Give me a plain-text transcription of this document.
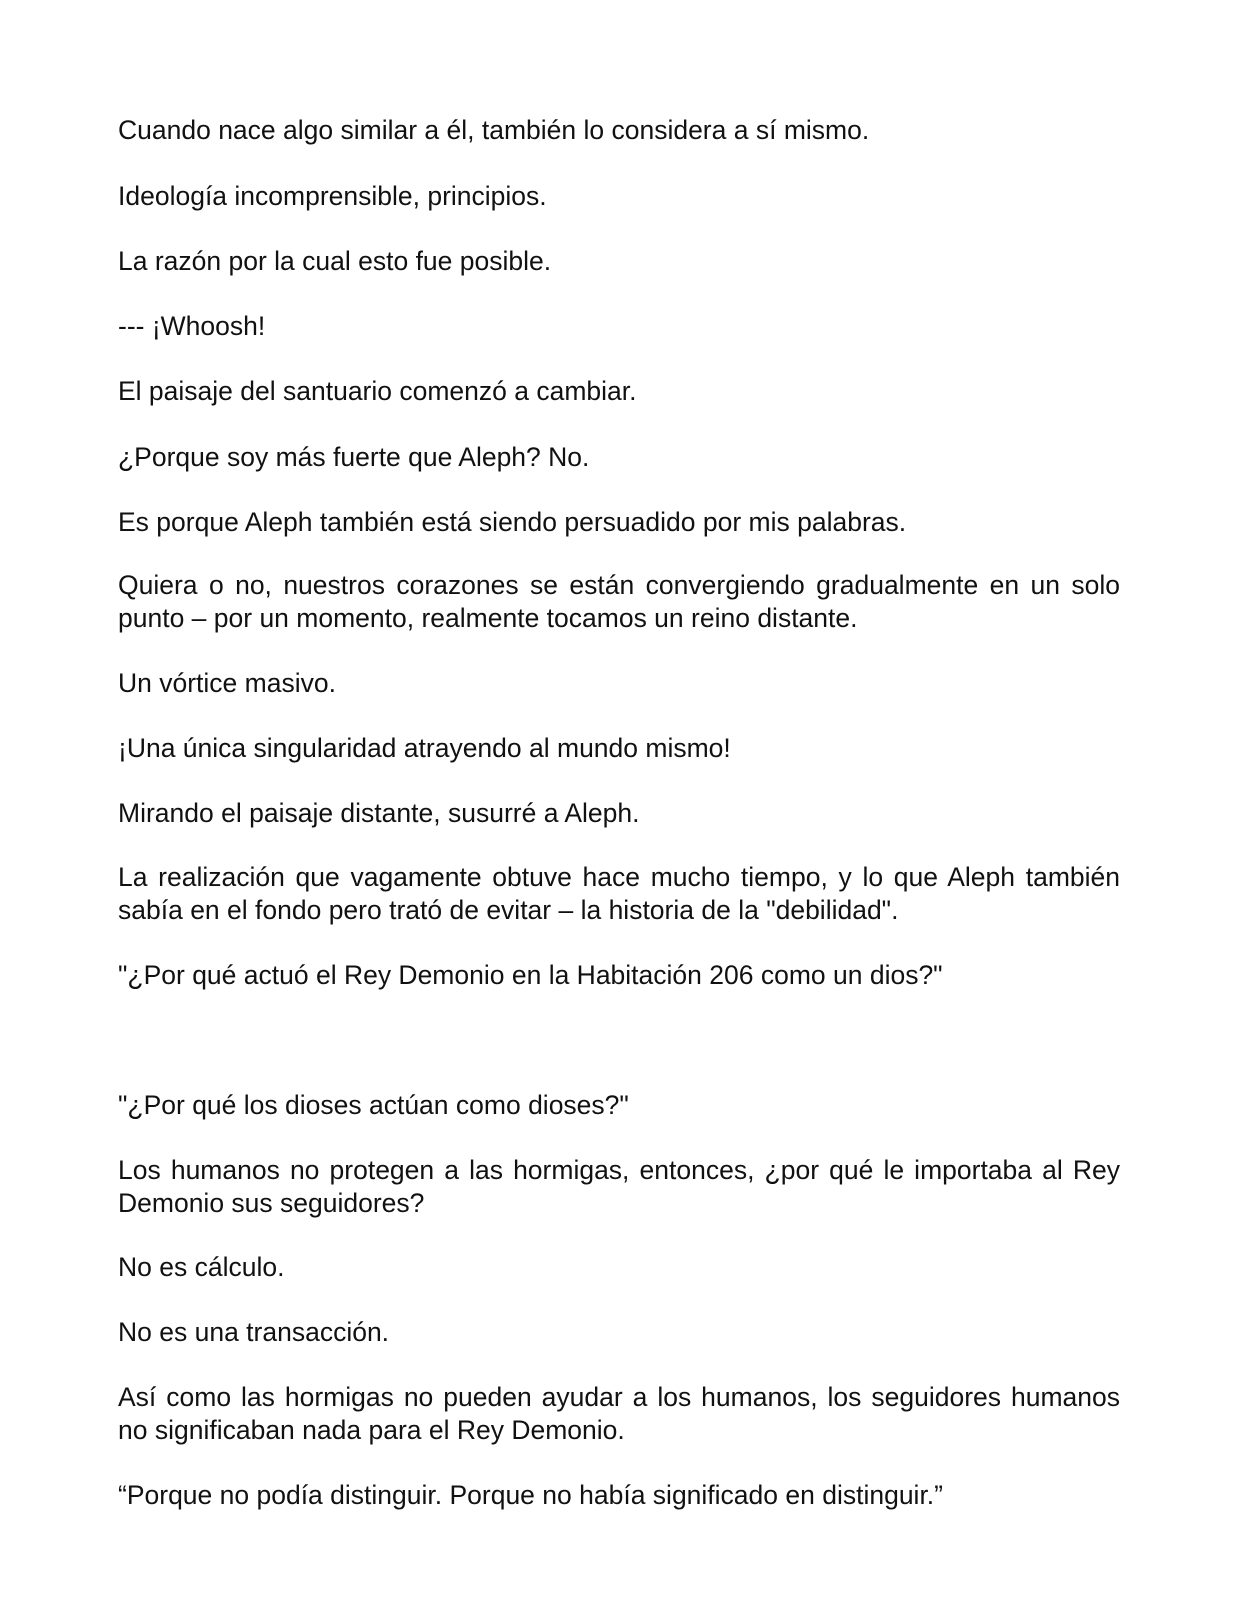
Cuando nace algo similar a él, también lo considera a sí mismo.

Ideología incomprensible, principios.

La razón por la cual esto fue posible.

--- ¡Whoosh!

El paisaje del santuario comenzó a cambiar.

¿Porque soy más fuerte que Aleph? No.

Es porque Aleph también está siendo persuadido por mis palabras.

Quiera o no, nuestros corazones se están convergiendo gradualmente en un solo punto – por un momento, realmente tocamos un reino distante.

Un vórtice masivo.

¡Una única singularidad atrayendo al mundo mismo!

Mirando el paisaje distante, susurré a Aleph.

La realización que vagamente obtuve hace mucho tiempo, y lo que Aleph también sabía en el fondo pero trató de evitar – la historia de la "debilidad".

"¿Por qué actuó el Rey Demonio en la Habitación 206 como un dios?"

"¿Por qué los dioses actúan como dioses?"

Los humanos no protegen a las hormigas, entonces, ¿por qué le importaba al Rey Demonio sus seguidores?

No es cálculo.

No es una transacción.

Así como las hormigas no pueden ayudar a los humanos, los seguidores humanos no significaban nada para el Rey Demonio.

“Porque no podía distinguir. Porque no había significado en distinguir.”
